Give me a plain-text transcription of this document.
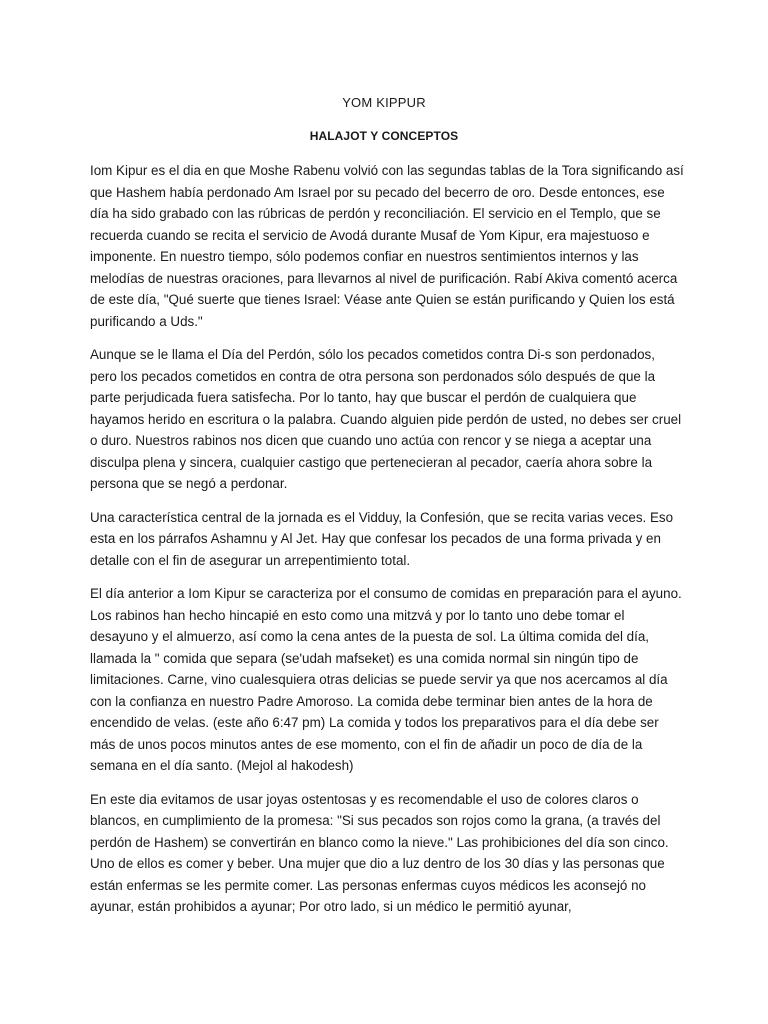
YOM KIPPUR
HALAJOT Y CONCEPTOS

Iom Kipur es el dia en que Moshe Rabenu volvió con las segundas tablas de la Tora significando así que Hashem había perdonado Am Israel por su pecado del becerro de oro. Desde entonces, ese día ha sido grabado con las rúbricas de perdón y reconciliación. El servicio en el Templo, que se recuerda cuando se recita el servicio de Avodá durante Musaf de Yom Kipur, era majestuoso e imponente. En nuestro tiempo, sólo podemos confiar en nuestros sentimientos internos y las melodías de nuestras oraciones, para llevarnos al nivel de purificación. Rabí Akiva comentó acerca de este día, "Qué suerte que tienes Israel: Véase ante Quien se están purificando y Quien los está purificando a Uds."

Aunque se le llama el Día del Perdón, sólo los pecados cometidos contra Di-s son perdonados, pero los pecados cometidos en contra de otra persona son perdonados sólo después de que la parte perjudicada fuera satisfecha. Por lo tanto, hay que buscar el perdón de cualquiera que hayamos herido en escritura o la palabra. Cuando alguien pide perdón de usted, no debes ser cruel o duro. Nuestros rabinos nos dicen que cuando uno actúa con rencor y se niega a aceptar una disculpa plena y sincera, cualquier castigo que pertenecieran al pecador, caería ahora sobre la persona que se negó a perdonar.

Una característica central de la jornada es el Vidduy, la Confesión, que se recita varias veces. Eso esta en los párrafos Ashamnu y Al Jet. Hay que confesar los pecados de una forma privada y en detalle con el fin de asegurar un arrepentimiento total.

El día anterior a Iom Kipur se caracteriza por el consumo de comidas en preparación para el ayuno. Los rabinos han hecho hincapié en esto como una mitzvá y por lo tanto uno debe tomar el desayuno y el almuerzo, así como la cena antes de la puesta de sol. La última comida del día, llamada la " comida que separa (se'udah mafseket) es una comida normal sin ningún tipo de limitaciones. Carne, vino cualesquiera otras delicias se puede servir ya que nos acercamos al día con la confianza en nuestro Padre Amoroso. La comida debe terminar bien antes de la hora de encendido de velas. (este año 6:47 pm) La comida y todos los preparativos para el día debe ser más de unos pocos minutos antes de ese momento, con el fin de añadir un poco de día de la semana en el día santo. (Mejol al hakodesh)

En este dia evitamos de usar joyas ostentosas y es recomendable el uso de colores claros o blancos, en cumplimiento de la promesa: "Si sus pecados son rojos como la grana, (a través del perdón de Hashem) se convertirán en blanco como la nieve." Las prohibiciones del día son cinco. Uno de ellos es comer y beber. Una mujer que dio a luz dentro de los 30 días y las personas que están enfermas se les permite comer. Las personas enfermas cuyos médicos les aconsejó no ayunar, están prohibidos a ayunar; Por otro lado, si un médico le permitió ayunar,
